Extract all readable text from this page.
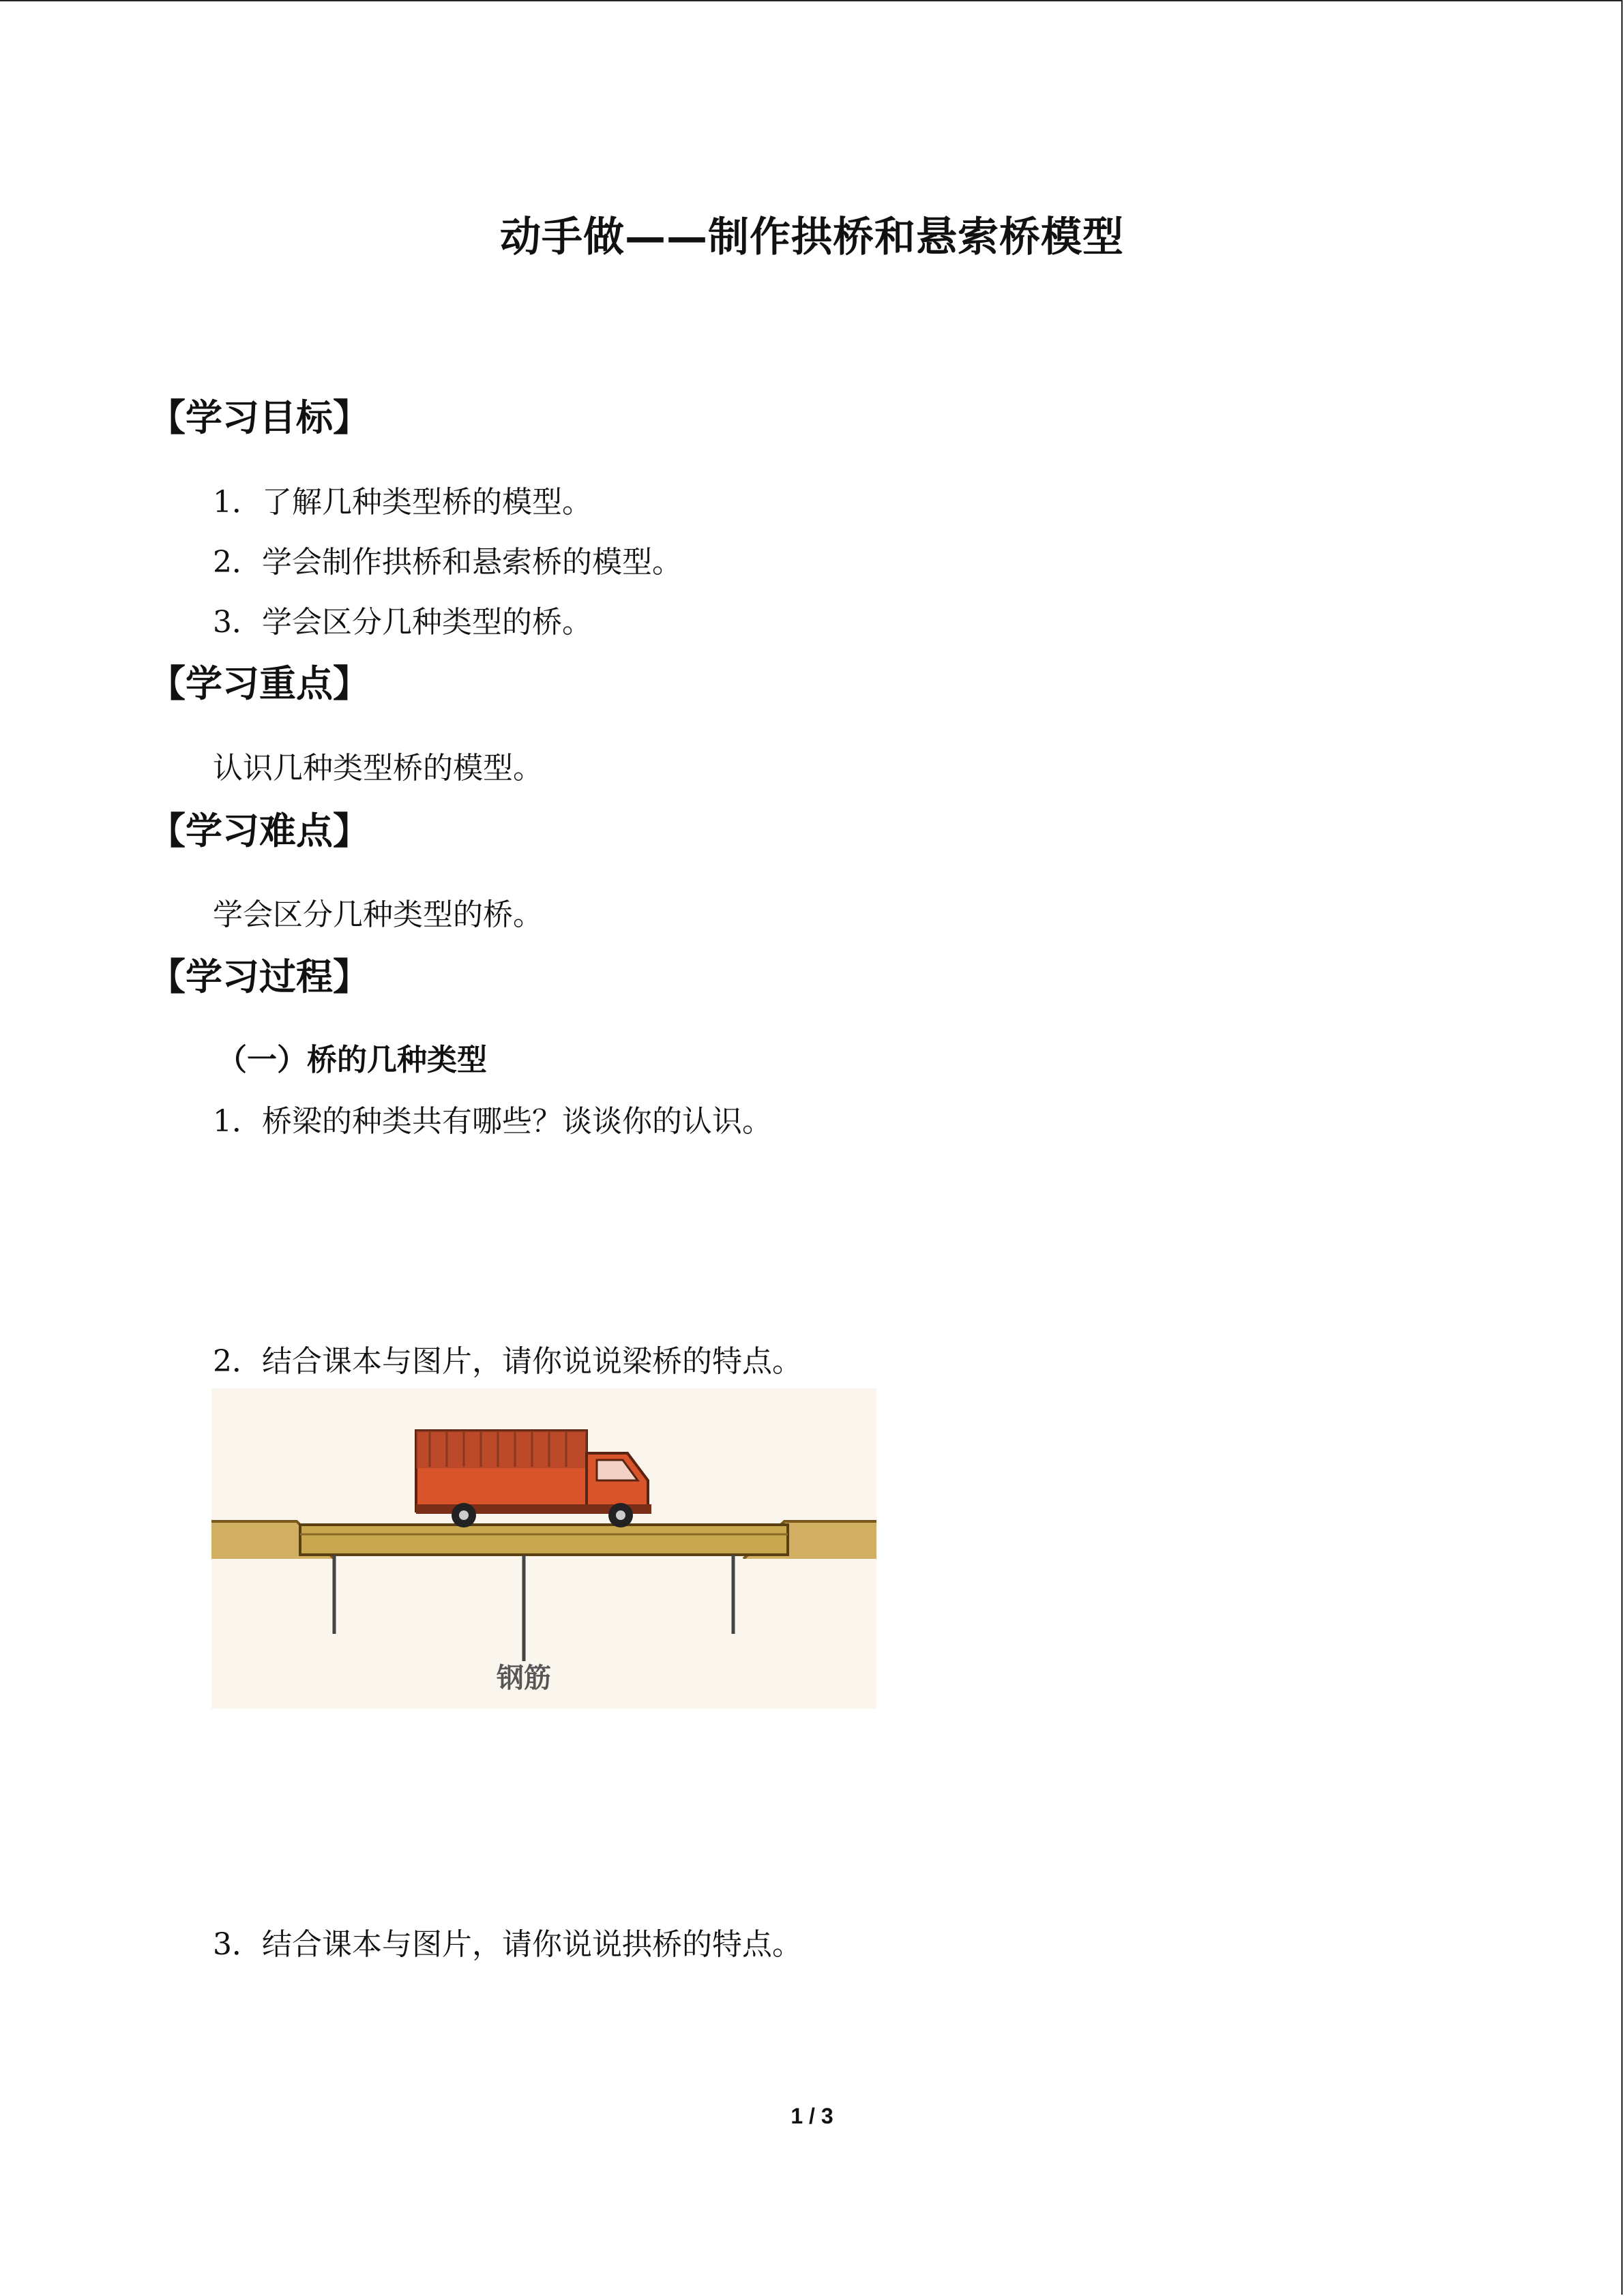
动手做——制作拱桥和悬索桥模型
【学习目标】
1．了解几种类型桥的模型。
2．学会制作拱桥和悬索桥的模型。
3．学会区分几种类型的桥。
【学习重点】
认识几种类型桥的模型。
【学习难点】
学会区分几种类型的桥。
【学习过程】
（一）桥的几种类型
1．桥梁的种类共有哪些？谈谈你的认识。
2．结合课本与图片，请你说说梁桥的特点。
钢筋
3．结合课本与图片，请你说说拱桥的特点。
1 / 3
